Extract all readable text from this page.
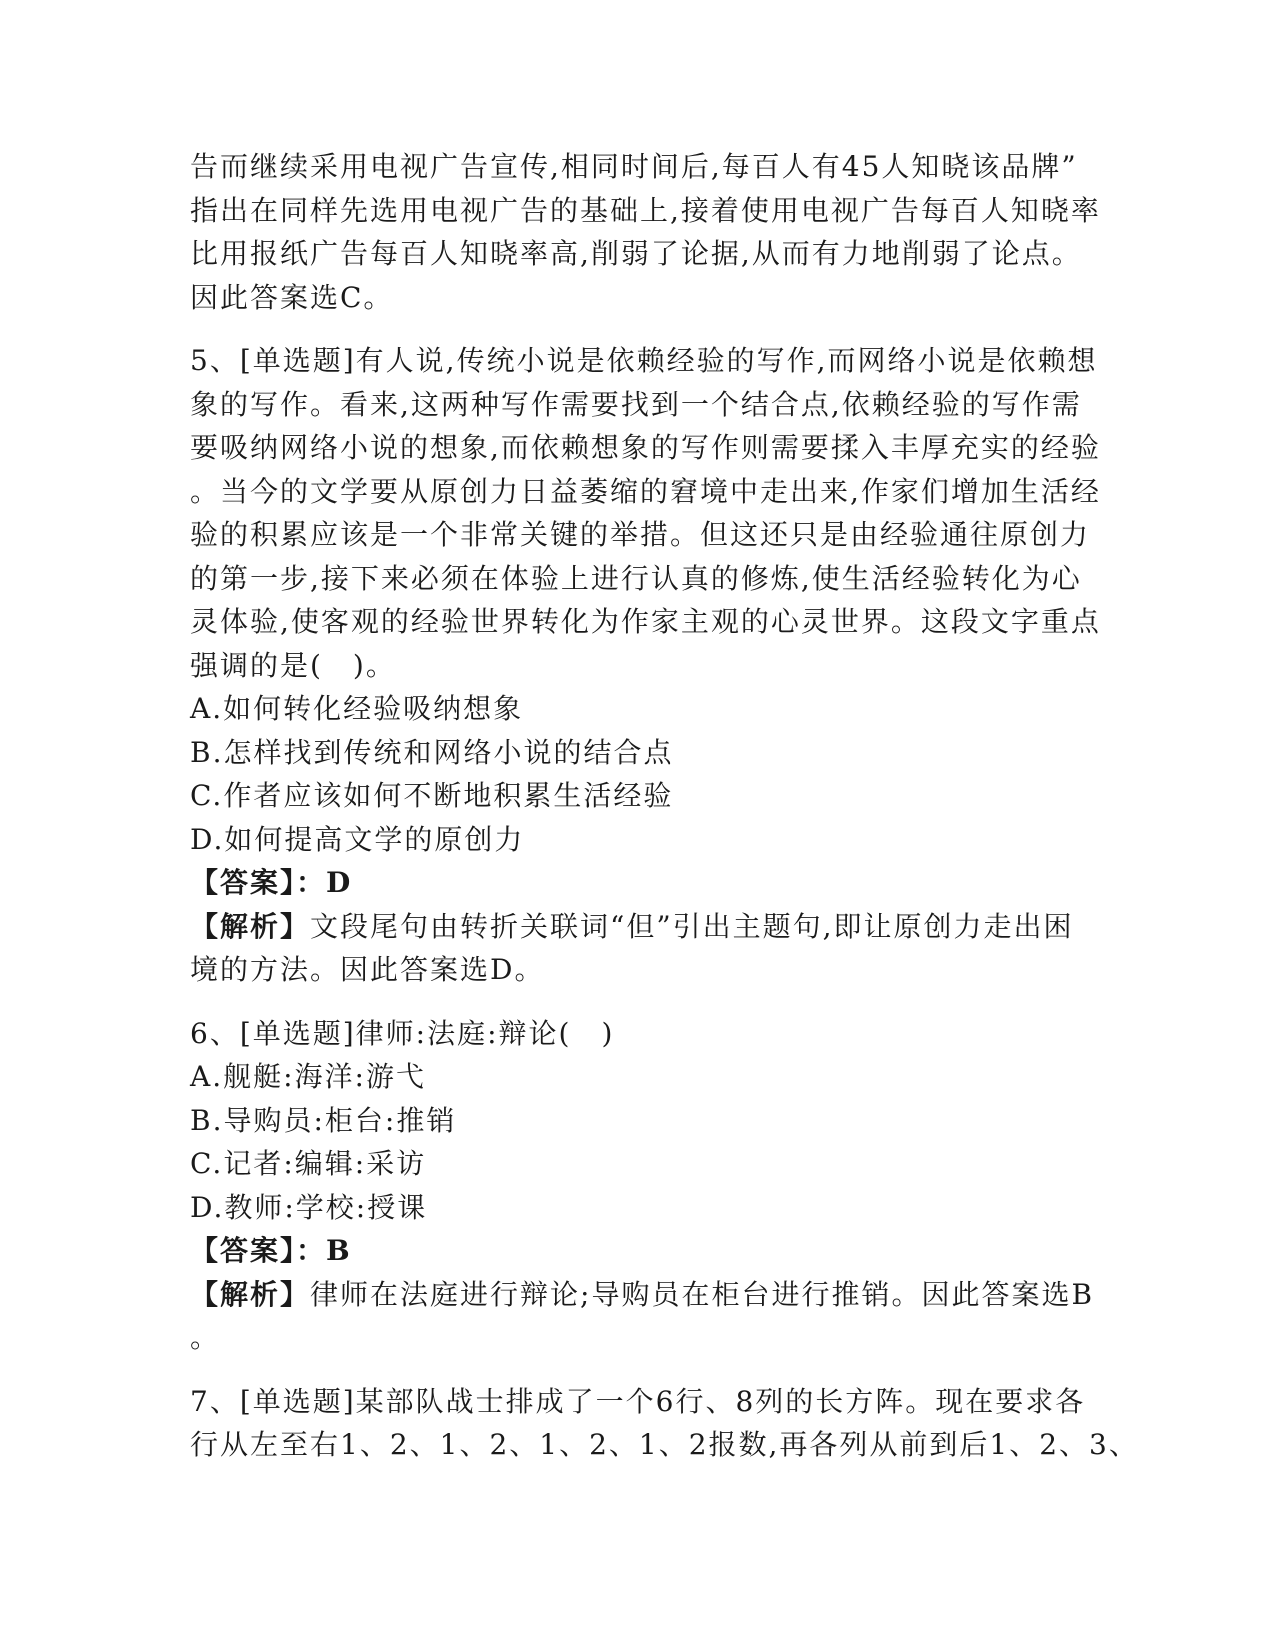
告而继续采用电视广告宣传,相同时间后,每百人有45人知晓该品牌”
指出在同样先选用电视广告的基础上,接着使用电视广告每百人知晓率
比用报纸广告每百人知晓率高,削弱了论据,从而有力地削弱了论点。
因此答案选C。
5、[单选题]有人说,传统小说是依赖经验的写作,而网络小说是依赖想
象的写作。看来,这两种写作需要找到一个结合点,依赖经验的写作需
要吸纳网络小说的想象,而依赖想象的写作则需要揉入丰厚充实的经验
。当今的文学要从原创力日益萎缩的窘境中走出来,作家们增加生活经
验的积累应该是一个非常关键的举措。但这还只是由经验通往原创力
的第一步,接下来必须在体验上进行认真的修炼,使生活经验转化为心
灵体验,使客观的经验世界转化为作家主观的心灵世界。这段文字重点
强调的是(　)。
A.如何转化经验吸纳想象
B.怎样找到传统和网络小说的结合点
C.作者应该如何不断地积累生活经验
D.如何提高文学的原创力
【答案】：D
【解析】文段尾句由转折关联词“但”引出主题句,即让原创力走出困
境的方法。因此答案选D。
6、[单选题]律师:法庭:辩论(　)
A.舰艇:海洋:游弋
B.导购员:柜台:推销
C.记者:编辑:采访
D.教师:学校:授课
【答案】：B
【解析】律师在法庭进行辩论;导购员在柜台进行推销。因此答案选B
。
7、[单选题]某部队战士排成了一个6行、8列的长方阵。现在要求各
行从左至右1、2、1、2、1、2、1、2报数,再各列从前到后1、2、3、
